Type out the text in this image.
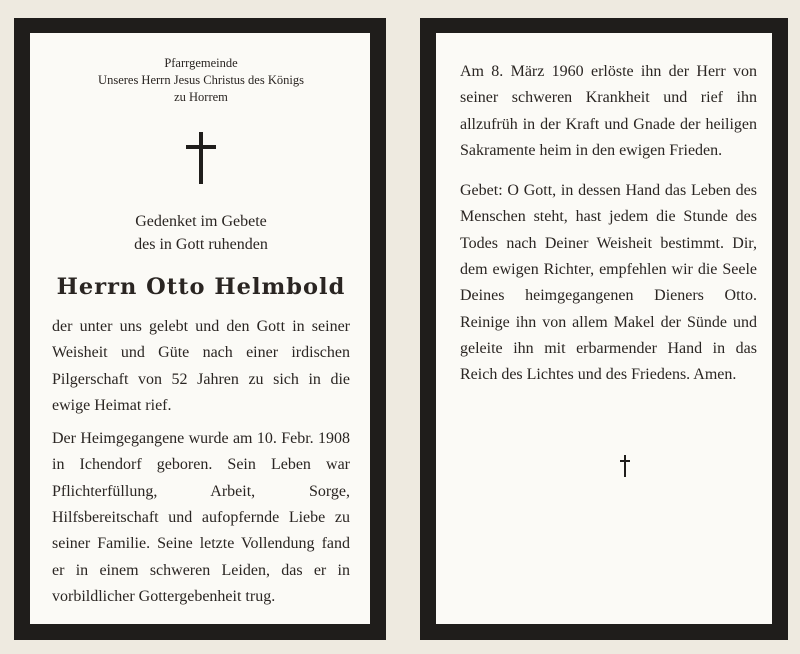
Pfarrgemeinde
Unseres Herrn Jesus Christus des Königs
zu Horrem

Gedenket im Gebete
des in Gott ruhenden

Herrn Otto Helmbold

der unter uns gelebt und den Gott in seiner Weisheit und Güte nach einer irdischen Pilgerschaft von 52 Jahren zu sich in die ewige Heimat rief.

Der Heimgegangene wurde am 10. Febr. 1908 in Ichendorf geboren. Sein Leben war Pflichterfüllung, Arbeit, Sorge, Hilfsbereitschaft und aufopfernde Liebe zu seiner Familie. Seine letzte Vollendung fand er in einem schweren Leiden, das er in vorbildlicher Gottergebenheit trug.

Am 8. März 1960 erlöste ihn der Herr von seiner schweren Krankheit und rief ihn allzufrüh in der Kraft und Gnade der heiligen Sakramente heim in den ewigen Frieden.

Gebet: O Gott, in dessen Hand das Leben des Menschen steht, hast jedem die Stunde des Todes nach Deiner Weisheit bestimmt. Dir, dem ewigen Richter, empfehlen wir die Seele Deines heimgegangenen Dieners Otto. Reinige ihn von allem Makel der Sünde und geleite ihn mit erbarmender Hand in das Reich des Lichtes und des Friedens. Amen.
